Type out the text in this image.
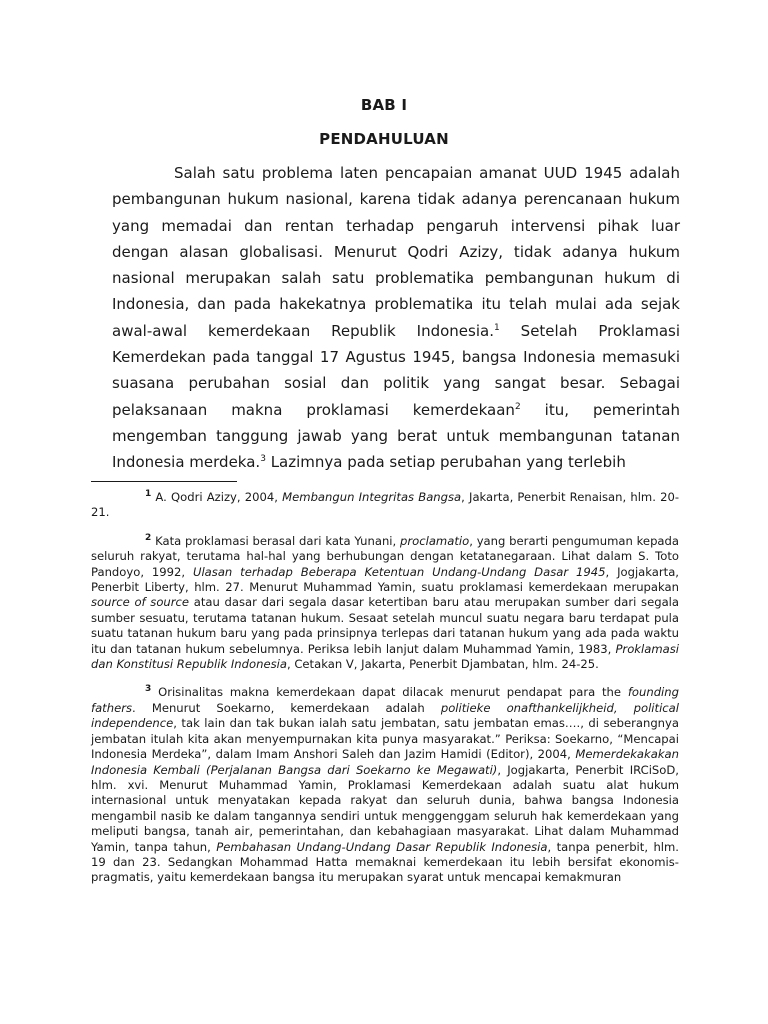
BAB I
PENDAHULUAN

Salah satu problema laten pencapaian amanat UUD 1945 adalah pembangunan hukum nasional, karena tidak adanya perencanaan hukum yang memadai dan rentan terhadap pengaruh intervensi pihak luar dengan alasan globalisasi. Menurut Qodri Azizy, tidak adanya hukum nasional merupakan salah satu problematika pembangunan hukum di Indonesia, dan pada hakekatnya problematika itu telah mulai ada sejak awal-awal kemerdekaan Republik Indonesia.$^1$ Setelah Proklamasi Kemerdekan pada tanggal 17 Agustus 1945, bangsa Indonesia memasuki suasana perubahan sosial dan politik yang sangat besar. Sebagai pelaksanaan makna proklamasi kemerdekaan$^2$ itu, pemerintah mengemban tanggung jawab yang berat untuk membangunan tatanan Indonesia merdeka.$^3$ Lazimnya pada setiap perubahan yang terlebih

$^1$ A. Qodri Azizy, 2004, Membangun Integritas Bangsa, Jakarta, Penerbit Renaisan, hlm. 20-21.

$^2$ Kata proklamasi berasal dari kata Yunani, proclamatio, yang berarti pengumuman kepada seluruh rakyat, terutama hal-hal yang berhubungan dengan ketatanegaraan. Lihat dalam S. Toto Pandoyo, 1992, Ulasan terhadap Beberapa Ketentuan Undang-Undang Dasar 1945, Jogjakarta, Penerbit Liberty, hlm. 27. Menurut Muhammad Yamin, suatu proklamasi kemerdekaan merupakan source of source atau dasar dari segala dasar ketertiban baru atau merupakan sumber dari segala sumber sesuatu, terutama tatanan hukum. Sesaat setelah muncul suatu negara baru terdapat pula suatu tatanan hukum baru yang pada prinsipnya terlepas dari tatanan hukum yang ada pada waktu itu dan tatanan hukum sebelumnya. Periksa lebih lanjut dalam Muhammad Yamin, 1983, Proklamasi dan Konstitusi Republik Indonesia, Cetakan V, Jakarta, Penerbit Djambatan, hlm. 24-25.

$^3$ Orisinalitas makna kemerdekaan dapat dilacak menurut pendapat para the founding fathers. Menurut Soekarno, kemerdekaan adalah politieke onafthankelijkheid, political independence, tak lain dan tak bukan ialah satu jembatan, satu jembatan emas…., di seberangnya jembatan itulah kita akan menyempurnakan kita punya masyarakat.” Periksa: Soekarno, “Mencapai Indonesia Merdeka”, dalam Imam Anshori Saleh dan Jazim Hamidi (Editor), 2004, Memerdekakakan Indonesia Kembali (Perjalanan Bangsa dari Soekarno ke Megawati), Jogjakarta, Penerbit IRCiSoD, hlm. xvi. Menurut Muhammad Yamin, Proklamasi Kemerdekaan adalah suatu alat hukum internasional untuk menyatakan kepada rakyat dan seluruh dunia, bahwa bangsa Indonesia mengambil nasib ke dalam tangannya sendiri untuk menggenggam seluruh hak kemerdekaan yang meliputi bangsa, tanah air, pemerintahan, dan kebahagiaan masyarakat. Lihat dalam Muhammad Yamin, tanpa tahun, Pembahasan Undang-Undang Dasar Republik Indonesia, tanpa penerbit, hlm. 19 dan 23. Sedangkan Mohammad Hatta memaknai kemerdekaan itu lebih bersifat ekonomis-pragmatis, yaitu kemerdekaan bangsa itu merupakan syarat untuk mencapai kemakmuran
